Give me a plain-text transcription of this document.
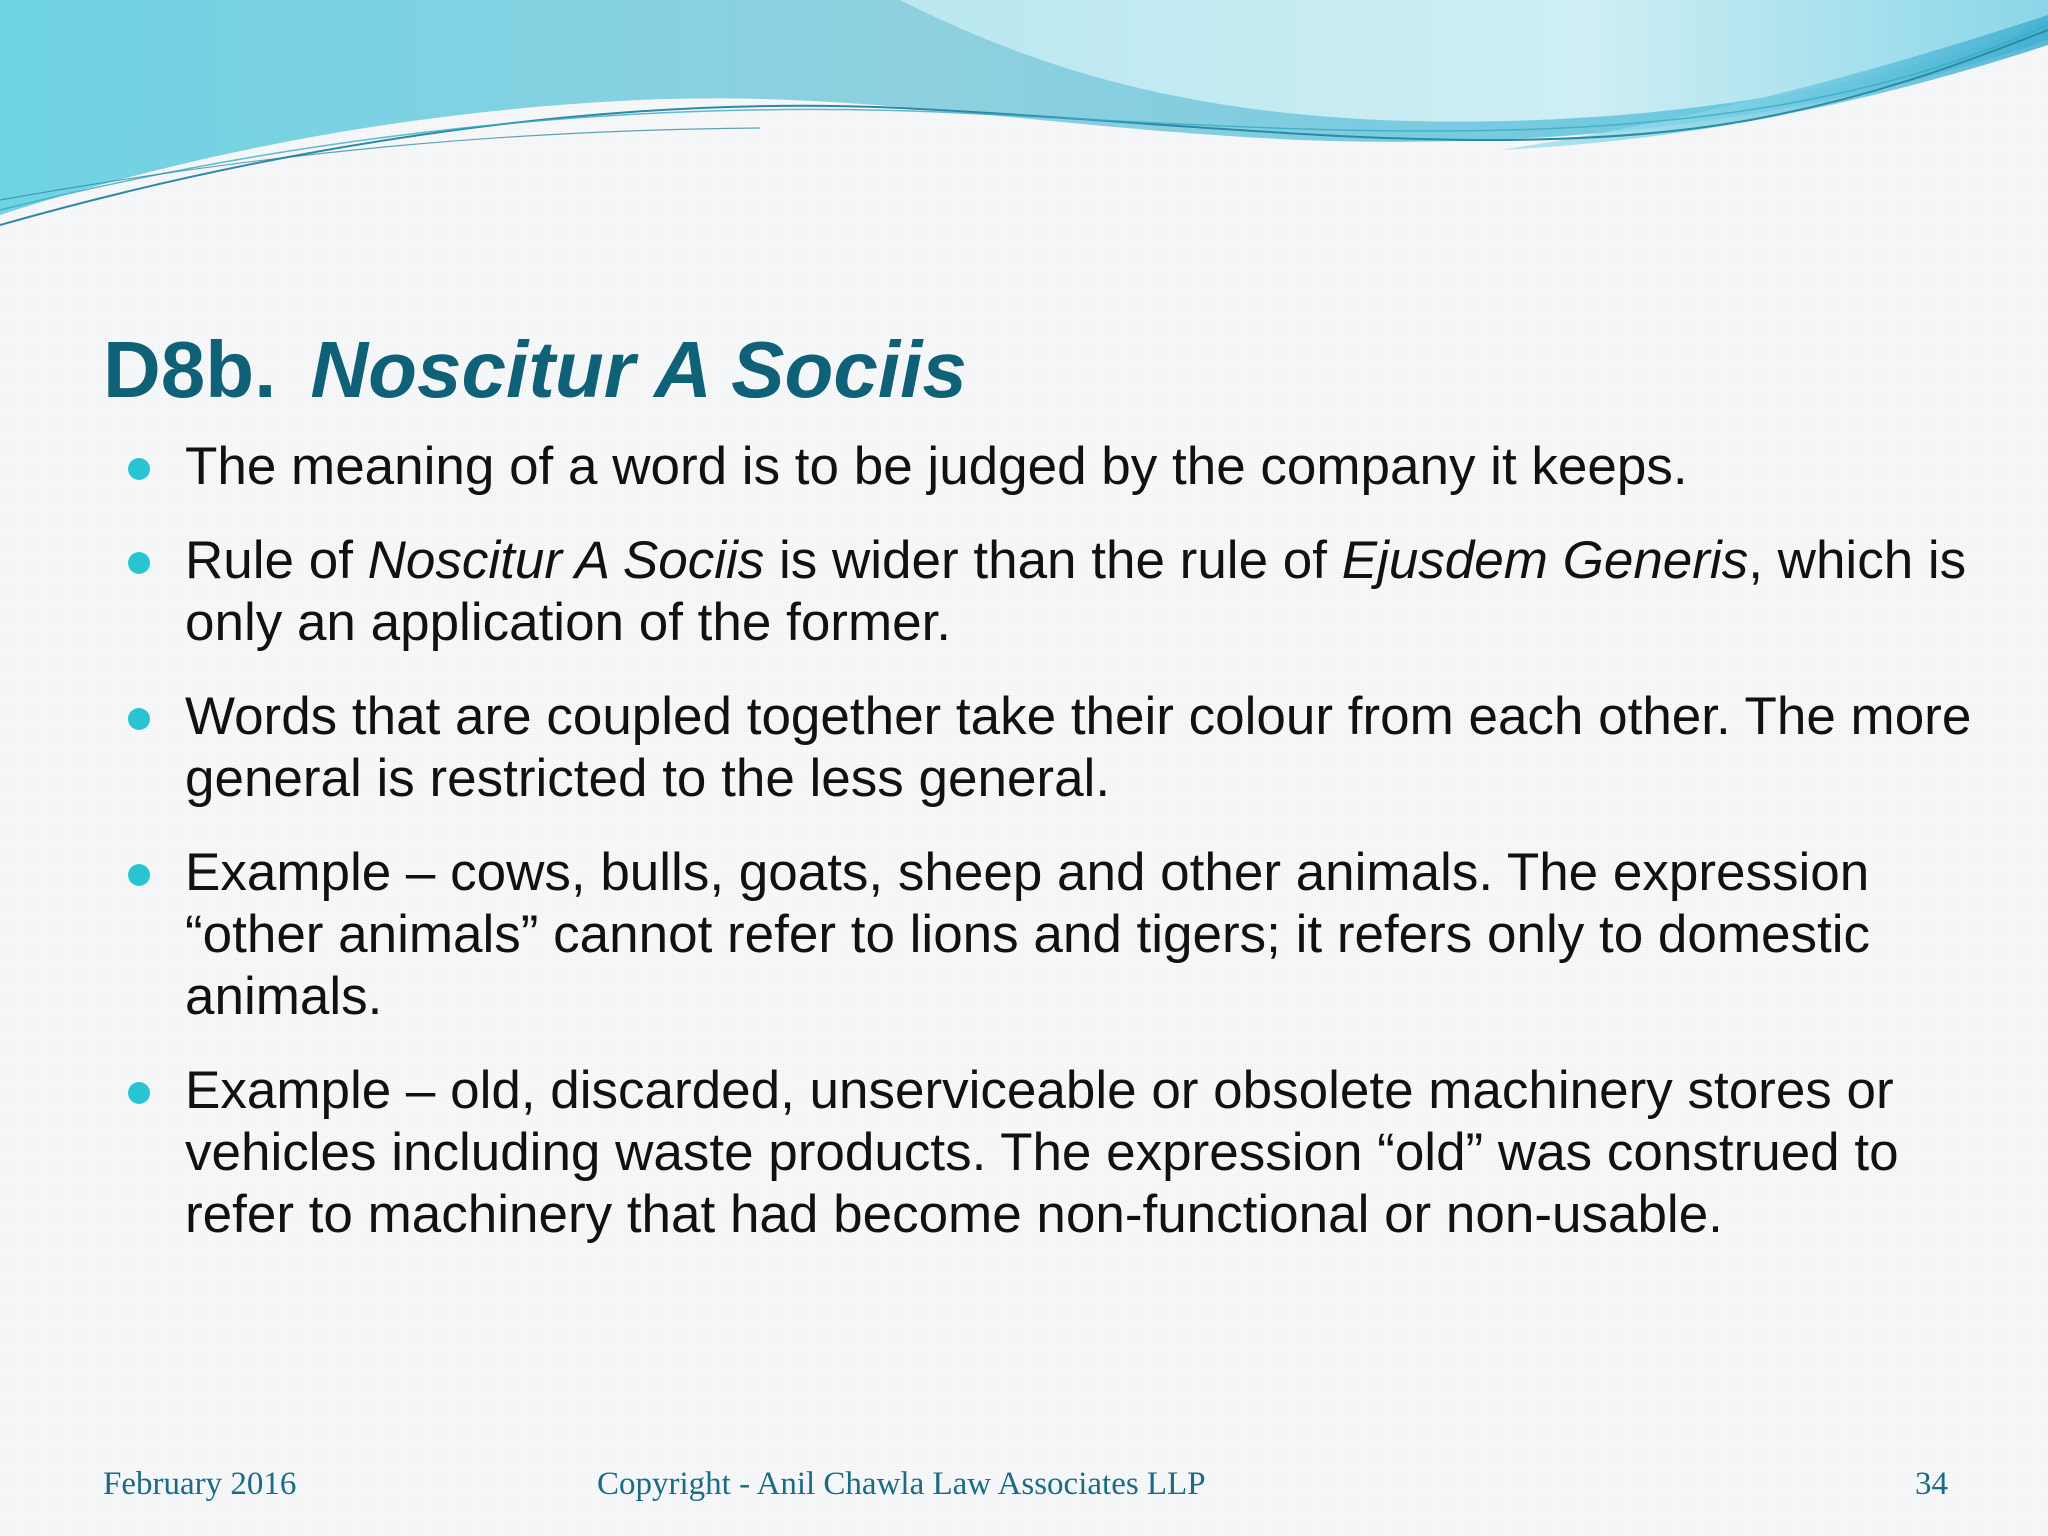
D8b. Noscitur A Sociis
The meaning of a word is to be judged by the company it keeps.
Rule of Noscitur A Sociis is wider than the rule of Ejusdem Generis, which is only an application of the former.
Words that are coupled together take their colour from each other. The more general is restricted to the less general.
Example – cows, bulls, goats, sheep and other animals. The expression “other animals” cannot refer to lions and tigers; it refers only to domestic animals.
Example – old, discarded, unserviceable or obsolete machinery stores or vehicles including waste products. The expression “old” was construed to refer to machinery that had become non-functional or non-usable.
February 2016	Copyright - Anil Chawla Law Associates LLP	34
